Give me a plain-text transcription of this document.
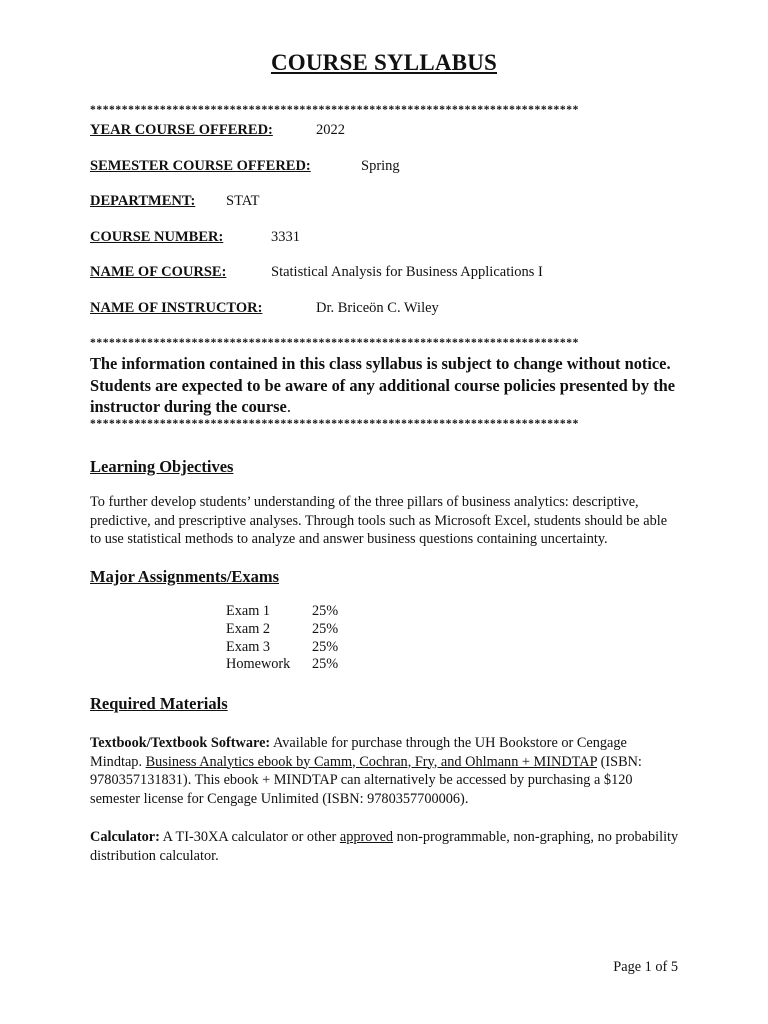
COURSE SYLLABUS
*****************************************************************************
YEAR COURSE OFFERED:	2022
SEMESTER COURSE OFFERED:	Spring
DEPARTMENT: STAT
COURSE NUMBER:	3331
NAME OF COURSE:	Statistical Analysis for Business Applications I
NAME OF INSTRUCTOR:	Dr. Briceön C. Wiley
*****************************************************************************
The information contained in this class syllabus is subject to change without notice. Students are expected to be aware of any additional course policies presented by the instructor during the course.
*****************************************************************************
Learning Objectives
To further develop students’ understanding of the three pillars of business analytics: descriptive, predictive, and prescriptive analyses. Through tools such as Microsoft Excel, students should be able to use statistical methods to analyze and answer business questions containing uncertainty.
Major Assignments/Exams
Exam 1	25%
Exam 2	25%
Exam 3	25%
Homework	25%
Required Materials
Textbook/Textbook Software: Available for purchase through the UH Bookstore or Cengage Mindtap. Business Analytics ebook by Camm, Cochran, Fry, and Ohlmann + MINDTAP (ISBN: 9780357131831). This ebook + MINDTAP can alternatively be accessed by purchasing a $120 semester license for Cengage Unlimited (ISBN: 9780357700006).
Calculator: A TI-30XA calculator or other approved non-programmable, non-graphing, no probability distribution calculator.
Page 1 of 5
